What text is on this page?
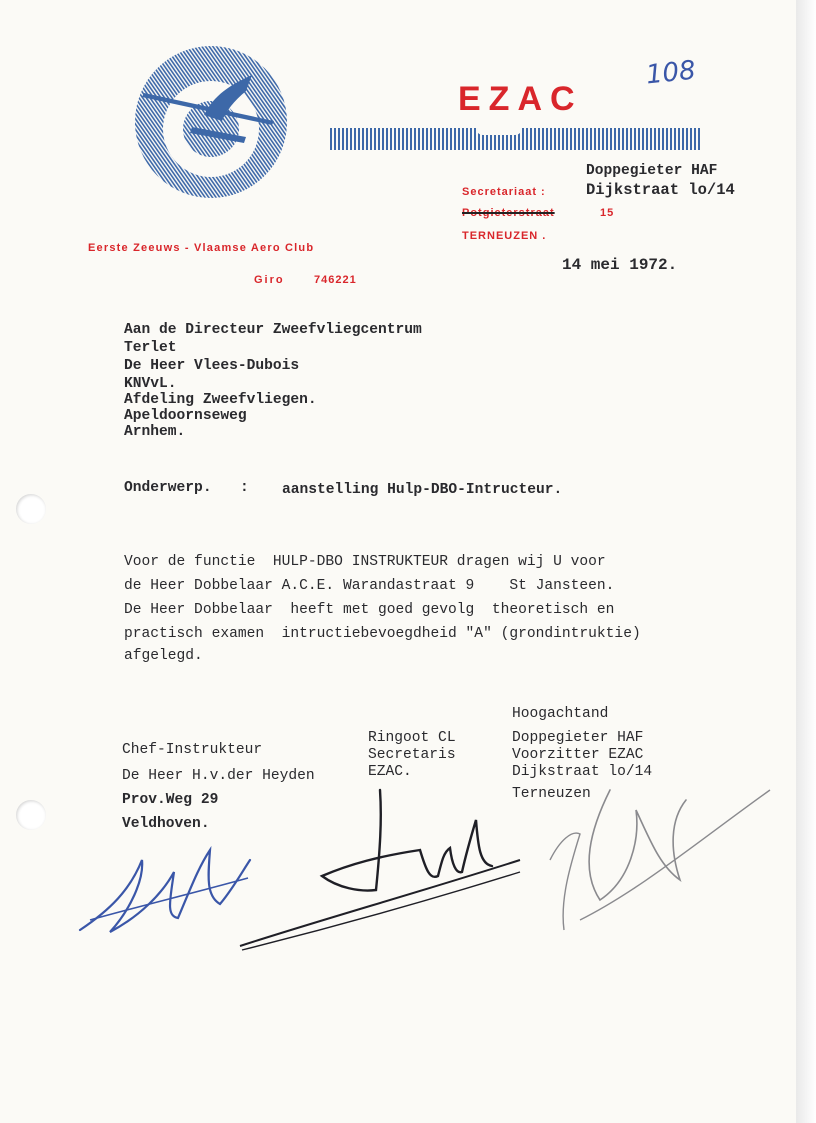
EZAC
108
Doppegieter HAF
Dijkstraat lo/14
Secretariaat :
Potgieterstraat	15
TERNEUZEN .
Eerste Zeeuws - Vlaamse Aero Club
Giro	746221
14 mei 1972.
Aan de Directeur Zweefvliegcentrum
Terlet
De Heer Vlees-Dubois
KNVvL.
Afdeling Zweefvliegen.
Apeldoornseweg
Arnhem.
Onderwerp. : aanstelling Hulp-DBO-Intructeur.
Voor de functie  HULP-DBO INSTRUKTEUR dragen wij U voor
de Heer Dobbelaar A.C.E. Warandastraat 9    St Jansteen.
De Heer Dobbelaar  heeft met goed gevolg  theoretisch en
practisch examen  intructiebevoegdheid "A" (grondintruktie)
afgelegd.
Hoogachtand
Chef-Instrukteur
De Heer H.v.der Heyden
Prov.Weg 29
Veldhoven.
Ringoot CL
Secretaris
EZAC.
Doppegieter HAF
Voorzitter EZAC
Dijkstraat lo/14
Terneuzen
